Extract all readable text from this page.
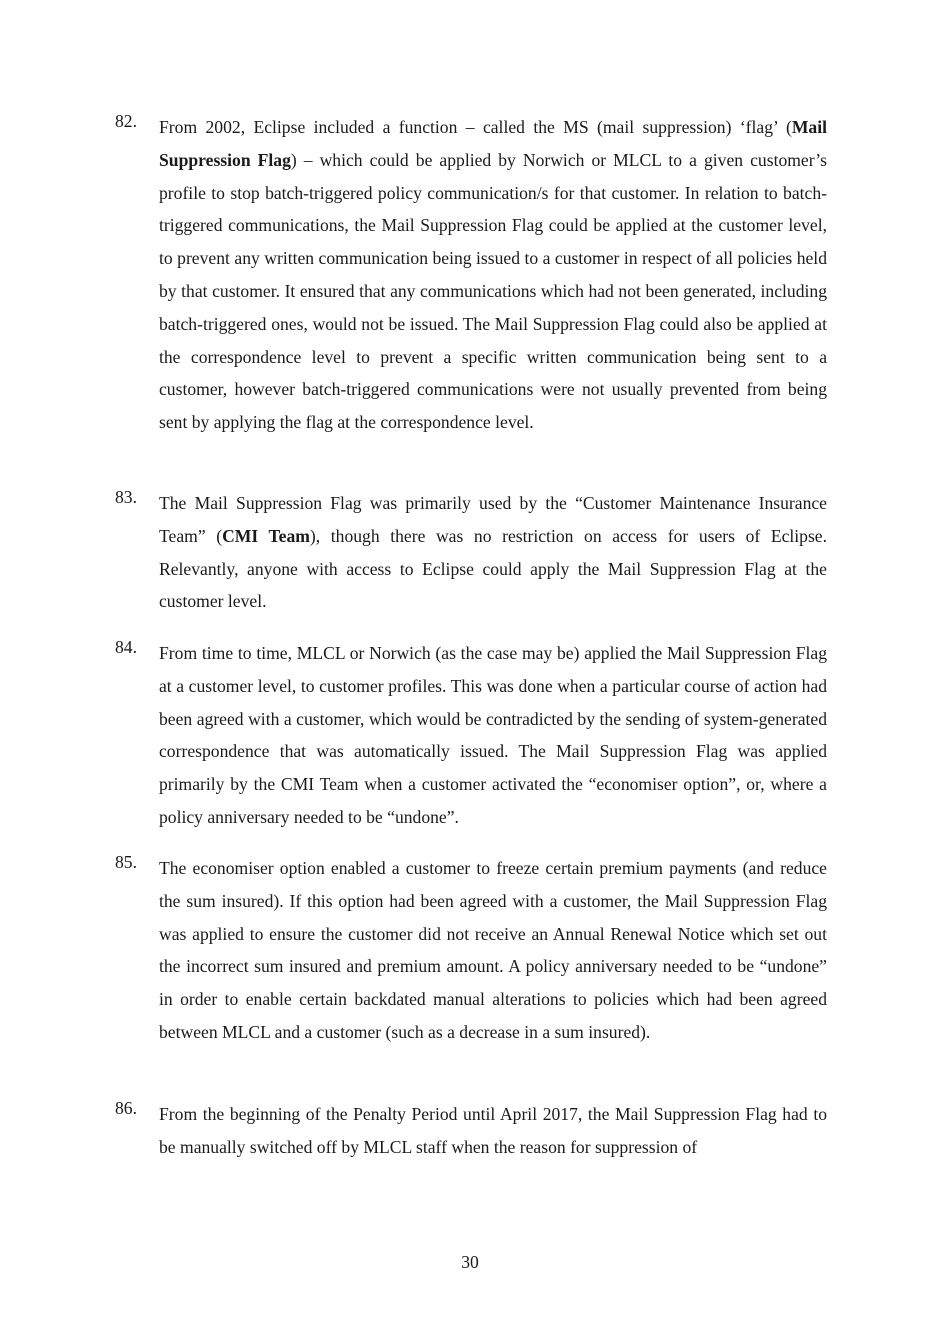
82.	From 2002, Eclipse included a function – called the MS (mail suppression) ‘flag’ (Mail Suppression Flag) – which could be applied by Norwich or MLCL to a given customer’s profile to stop batch-triggered policy communication/s for that customer. In relation to batch-triggered communications, the Mail Suppression Flag could be applied at the customer level, to prevent any written communication being issued to a customer in respect of all policies held by that customer. It ensured that any communications which had not been generated, including batch-triggered ones, would not be issued. The Mail Suppression Flag could also be applied at the correspondence level to prevent a specific written communication being sent to a customer, however batch-triggered communications were not usually prevented from being sent by applying the flag at the correspondence level.
83.	The Mail Suppression Flag was primarily used by the “Customer Maintenance Insurance Team” (CMI Team), though there was no restriction on access for users of Eclipse. Relevantly, anyone with access to Eclipse could apply the Mail Suppression Flag at the customer level.
84.	From time to time, MLCL or Norwich (as the case may be) applied the Mail Suppression Flag at a customer level, to customer profiles. This was done when a particular course of action had been agreed with a customer, which would be contradicted by the sending of system-generated correspondence that was automatically issued. The Mail Suppression Flag was applied primarily by the CMI Team when a customer activated the “economiser option”, or, where a policy anniversary needed to be “undone”.
85.	The economiser option enabled a customer to freeze certain premium payments (and reduce the sum insured). If this option had been agreed with a customer, the Mail Suppression Flag was applied to ensure the customer did not receive an Annual Renewal Notice which set out the incorrect sum insured and premium amount. A policy anniversary needed to be “undone” in order to enable certain backdated manual alterations to policies which had been agreed between MLCL and a customer (such as a decrease in a sum insured).
86.	From the beginning of the Penalty Period until April 2017, the Mail Suppression Flag had to be manually switched off by MLCL staff when the reason for suppression of
30
